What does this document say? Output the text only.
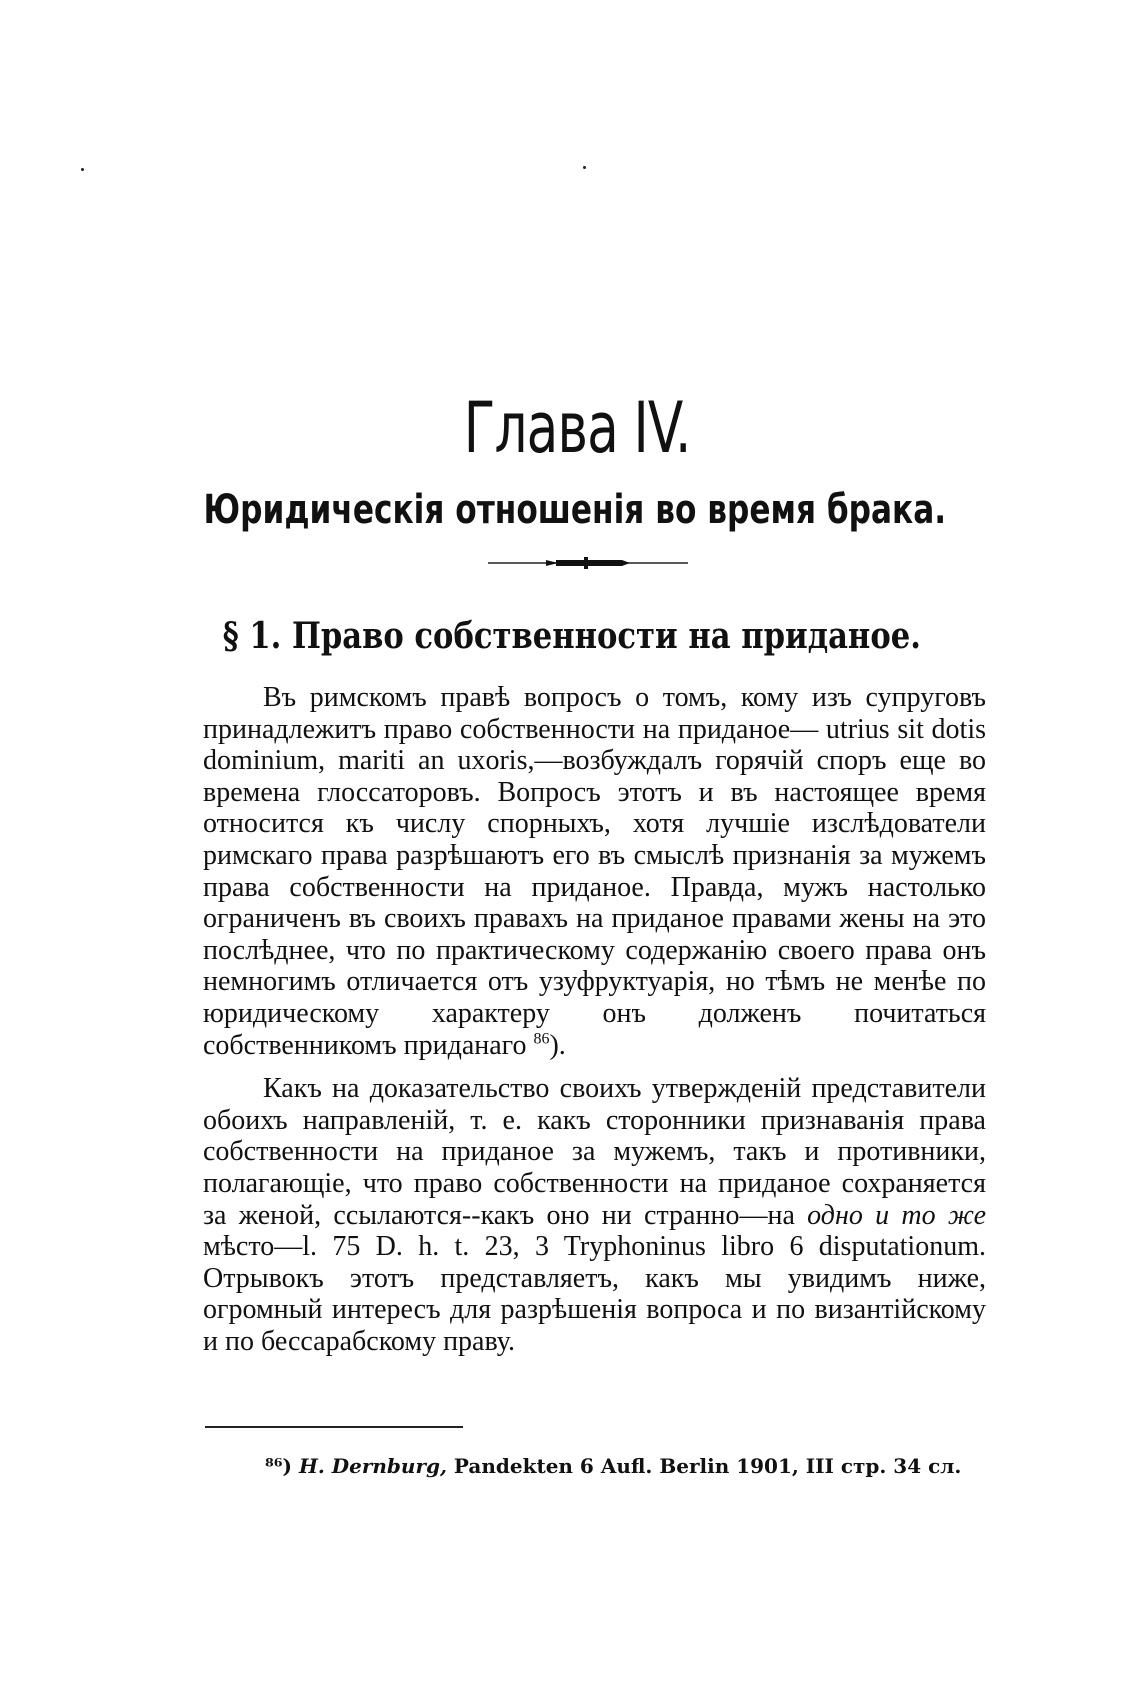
Глава IV.
Юридическія отношенія во время брака.
§ 1. Право собственности на приданое.

Въ римскомъ правѣ вопросъ о томъ, кому изъ супруговъ принадлежитъ право собственности на приданое— utrius sit dotis dominium, mariti an uxoris,—возбуждалъ горячій споръ еще во времена глоссаторовъ. Вопросъ этотъ и въ настоящее время относится къ числу спорныхъ, хотя лучшіе изслѣдователи римскаго права разрѣшаютъ его въ смыслѣ признанія за мужемъ права собственности на приданое. Правда, мужъ настолько ограниченъ въ своихъ правахъ на приданое правами жены на это послѣднее, что по практическому содержанію своего права онъ немногимъ отличается отъ узуфруктуарія, но тѣмъ не менѣе по юридическому характеру онъ долженъ почитаться собственникомъ приданаго $^{86}$).

Какъ на доказательство своихъ утвержденій представители обоихъ направленій, т. е. какъ сторонники признаванія права собственности на приданое за мужемъ, такъ и противники, полагающіе, что право собственности на приданое сохраняется за женой, ссылаются--какъ оно ни странно—на одно и то же мѣсто—l. 75 D. h. t. 23, 3 Tryphoninus libro 6 disputationum. Отрывокъ этотъ представляетъ, какъ мы увидимъ ниже, огромный интересъ для разрѣшенія вопроса и по византійскому и по бессарабскому праву.

⁸⁶) H. Dernburg, Pandekten 6 Aufl. Berlin 1901, III стр. 34 сл.
